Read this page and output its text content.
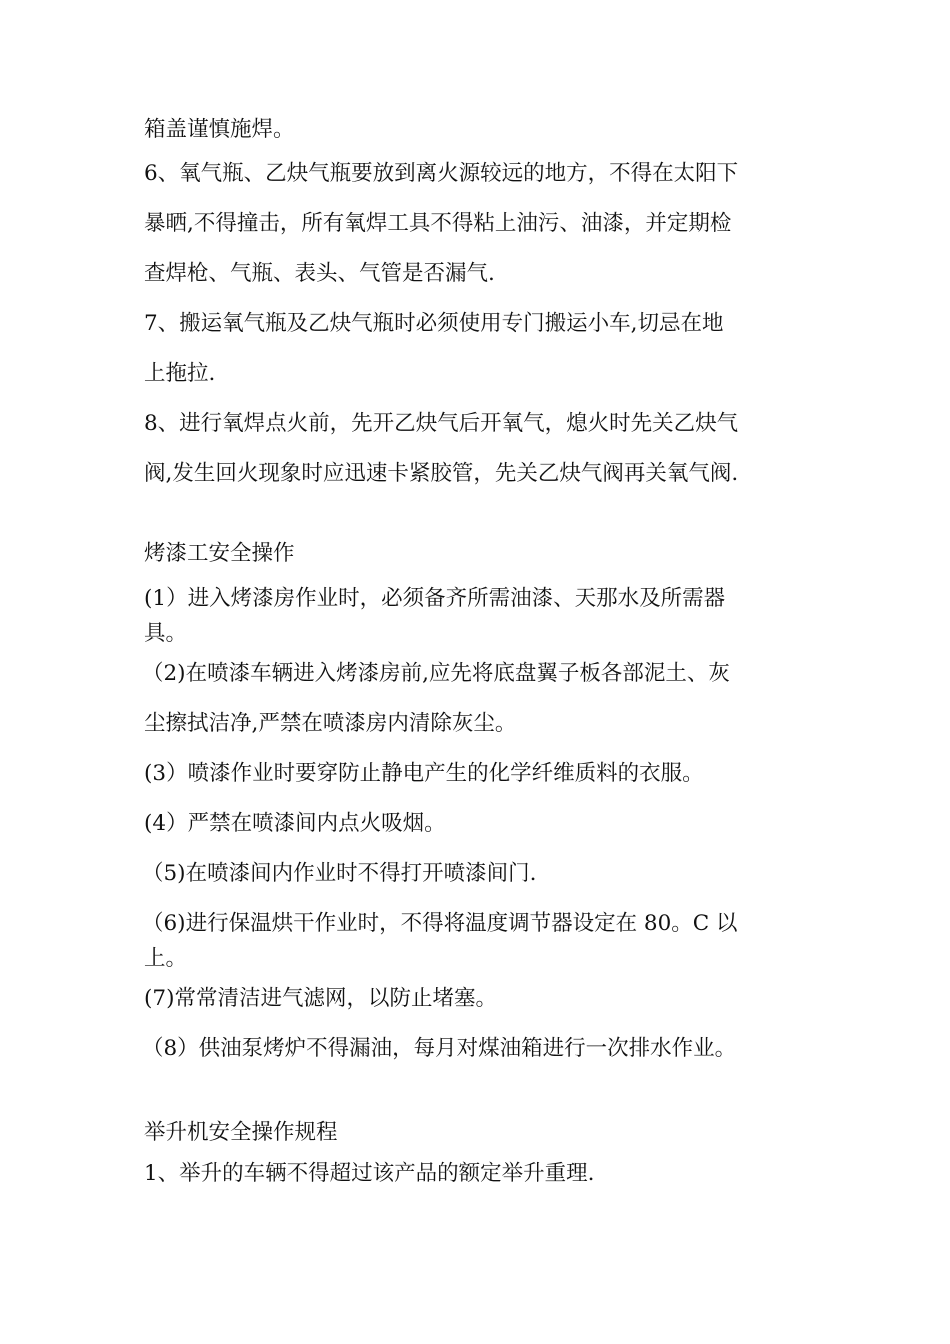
箱盖谨慎施焊。
6、氧气瓶、乙炔气瓶要放到离火源较远的地方，不得在太阳下
暴晒,不得撞击，所有氧焊工具不得粘上油污、油漆，并定期检
查焊枪、气瓶、表头、气管是否漏气.
7、搬运氧气瓶及乙炔气瓶时必须使用专门搬运小车,切忌在地
上拖拉.
8、进行氧焊点火前，先开乙炔气后开氧气，熄火时先关乙炔气
阀,发生回火现象时应迅速卡紧胶管，先关乙炔气阀再关氧气阀.
烤漆工安全操作
(1）进入烤漆房作业时，必须备齐所需油漆、天那水及所需器
具。
（2)在喷漆车辆进入烤漆房前,应先将底盘翼子板各部泥土、灰
尘擦拭洁净,严禁在喷漆房内清除灰尘。
(3）喷漆作业时要穿防止静电产生的化学纤维质料的衣服。
(4）严禁在喷漆间内点火吸烟。
（5)在喷漆间内作业时不得打开喷漆间门.
（6)进行保温烘干作业时，不得将温度调节器设定在 80。C 以
上。
(7)常常清洁进气滤网，以防止堵塞。
（8）供油泵烤炉不得漏油，每月对煤油箱进行一次排水作业。
举升机安全操作规程
1、举升的车辆不得超过该产品的额定举升重理.
